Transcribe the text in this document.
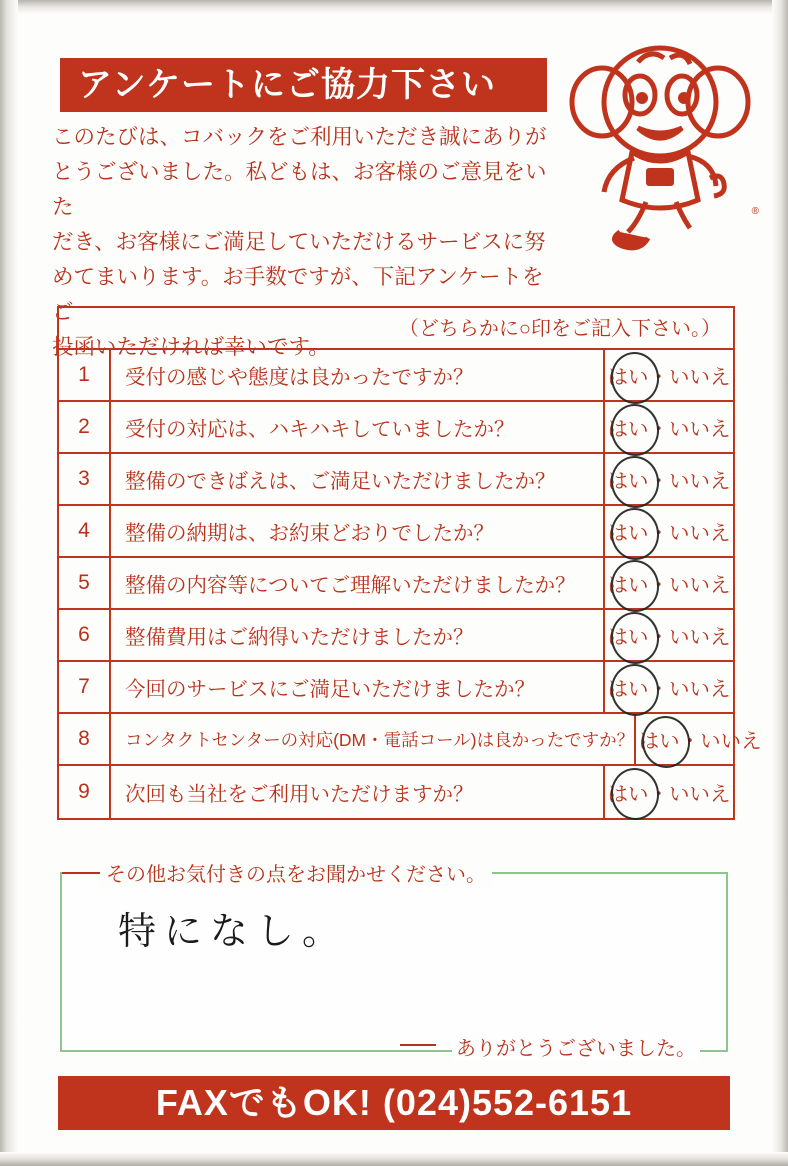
アンケートにご協力下さい

このたびは、コバックをご利用いただき誠にありが

とうございました。私どもは、お客様のご意見をいた

だき、お客様にご満足していただけるサービスに努

めてまいります。お手数ですが、下記アンケートをご

投函いただければ幸いです。

®
（どちらかに○印をご記入下さい。）
1	受付の感じや態度は良かったですか？	はい・いいえ
2	受付の対応は、ハキハキしていましたか？	はい・いいえ
3	整備のできばえは、ご満足いただけましたか？	はい・いいえ
4	整備の納期は、お約束どおりでしたか？	はい・いいえ
5	整備の内容等についてご理解いただけましたか？	はい・いいえ
6	整備費用はご納得いただけましたか？	はい・いいえ
7	今回のサービスにご満足いただけましたか？	はい・いいえ
8	コンタクトセンターの対応(DM・電話コール)は良かったですか？ はい・いいえ
9	次回も当社をご利用いただけますか？	はい・いいえ
その他お気付きの点をお聞かせください。
特になし。
ありがとうございました。
FAXでもOK! (024)552-6151
